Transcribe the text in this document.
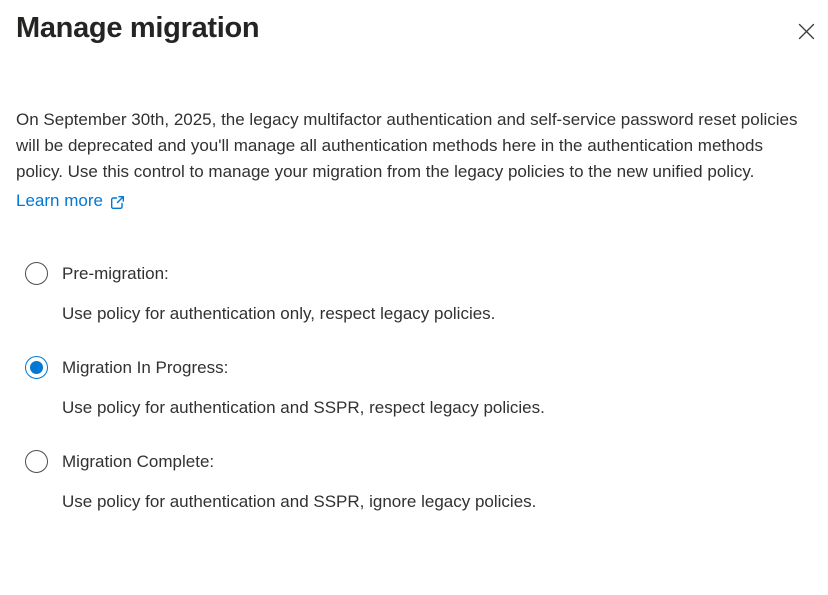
Manage migration

On September 30th, 2025, the legacy multifactor authentication and self-service password reset policies will be deprecated and you'll manage all authentication methods here in the authentication methods policy. Use this control to manage your migration from the legacy policies to the new unified policy.

Learn more
Pre-migration:
Use policy for authentication only, respect legacy policies.
Migration In Progress:
Use policy for authentication and SSPR, respect legacy policies.
Migration Complete:
Use policy for authentication and SSPR, ignore legacy policies.
